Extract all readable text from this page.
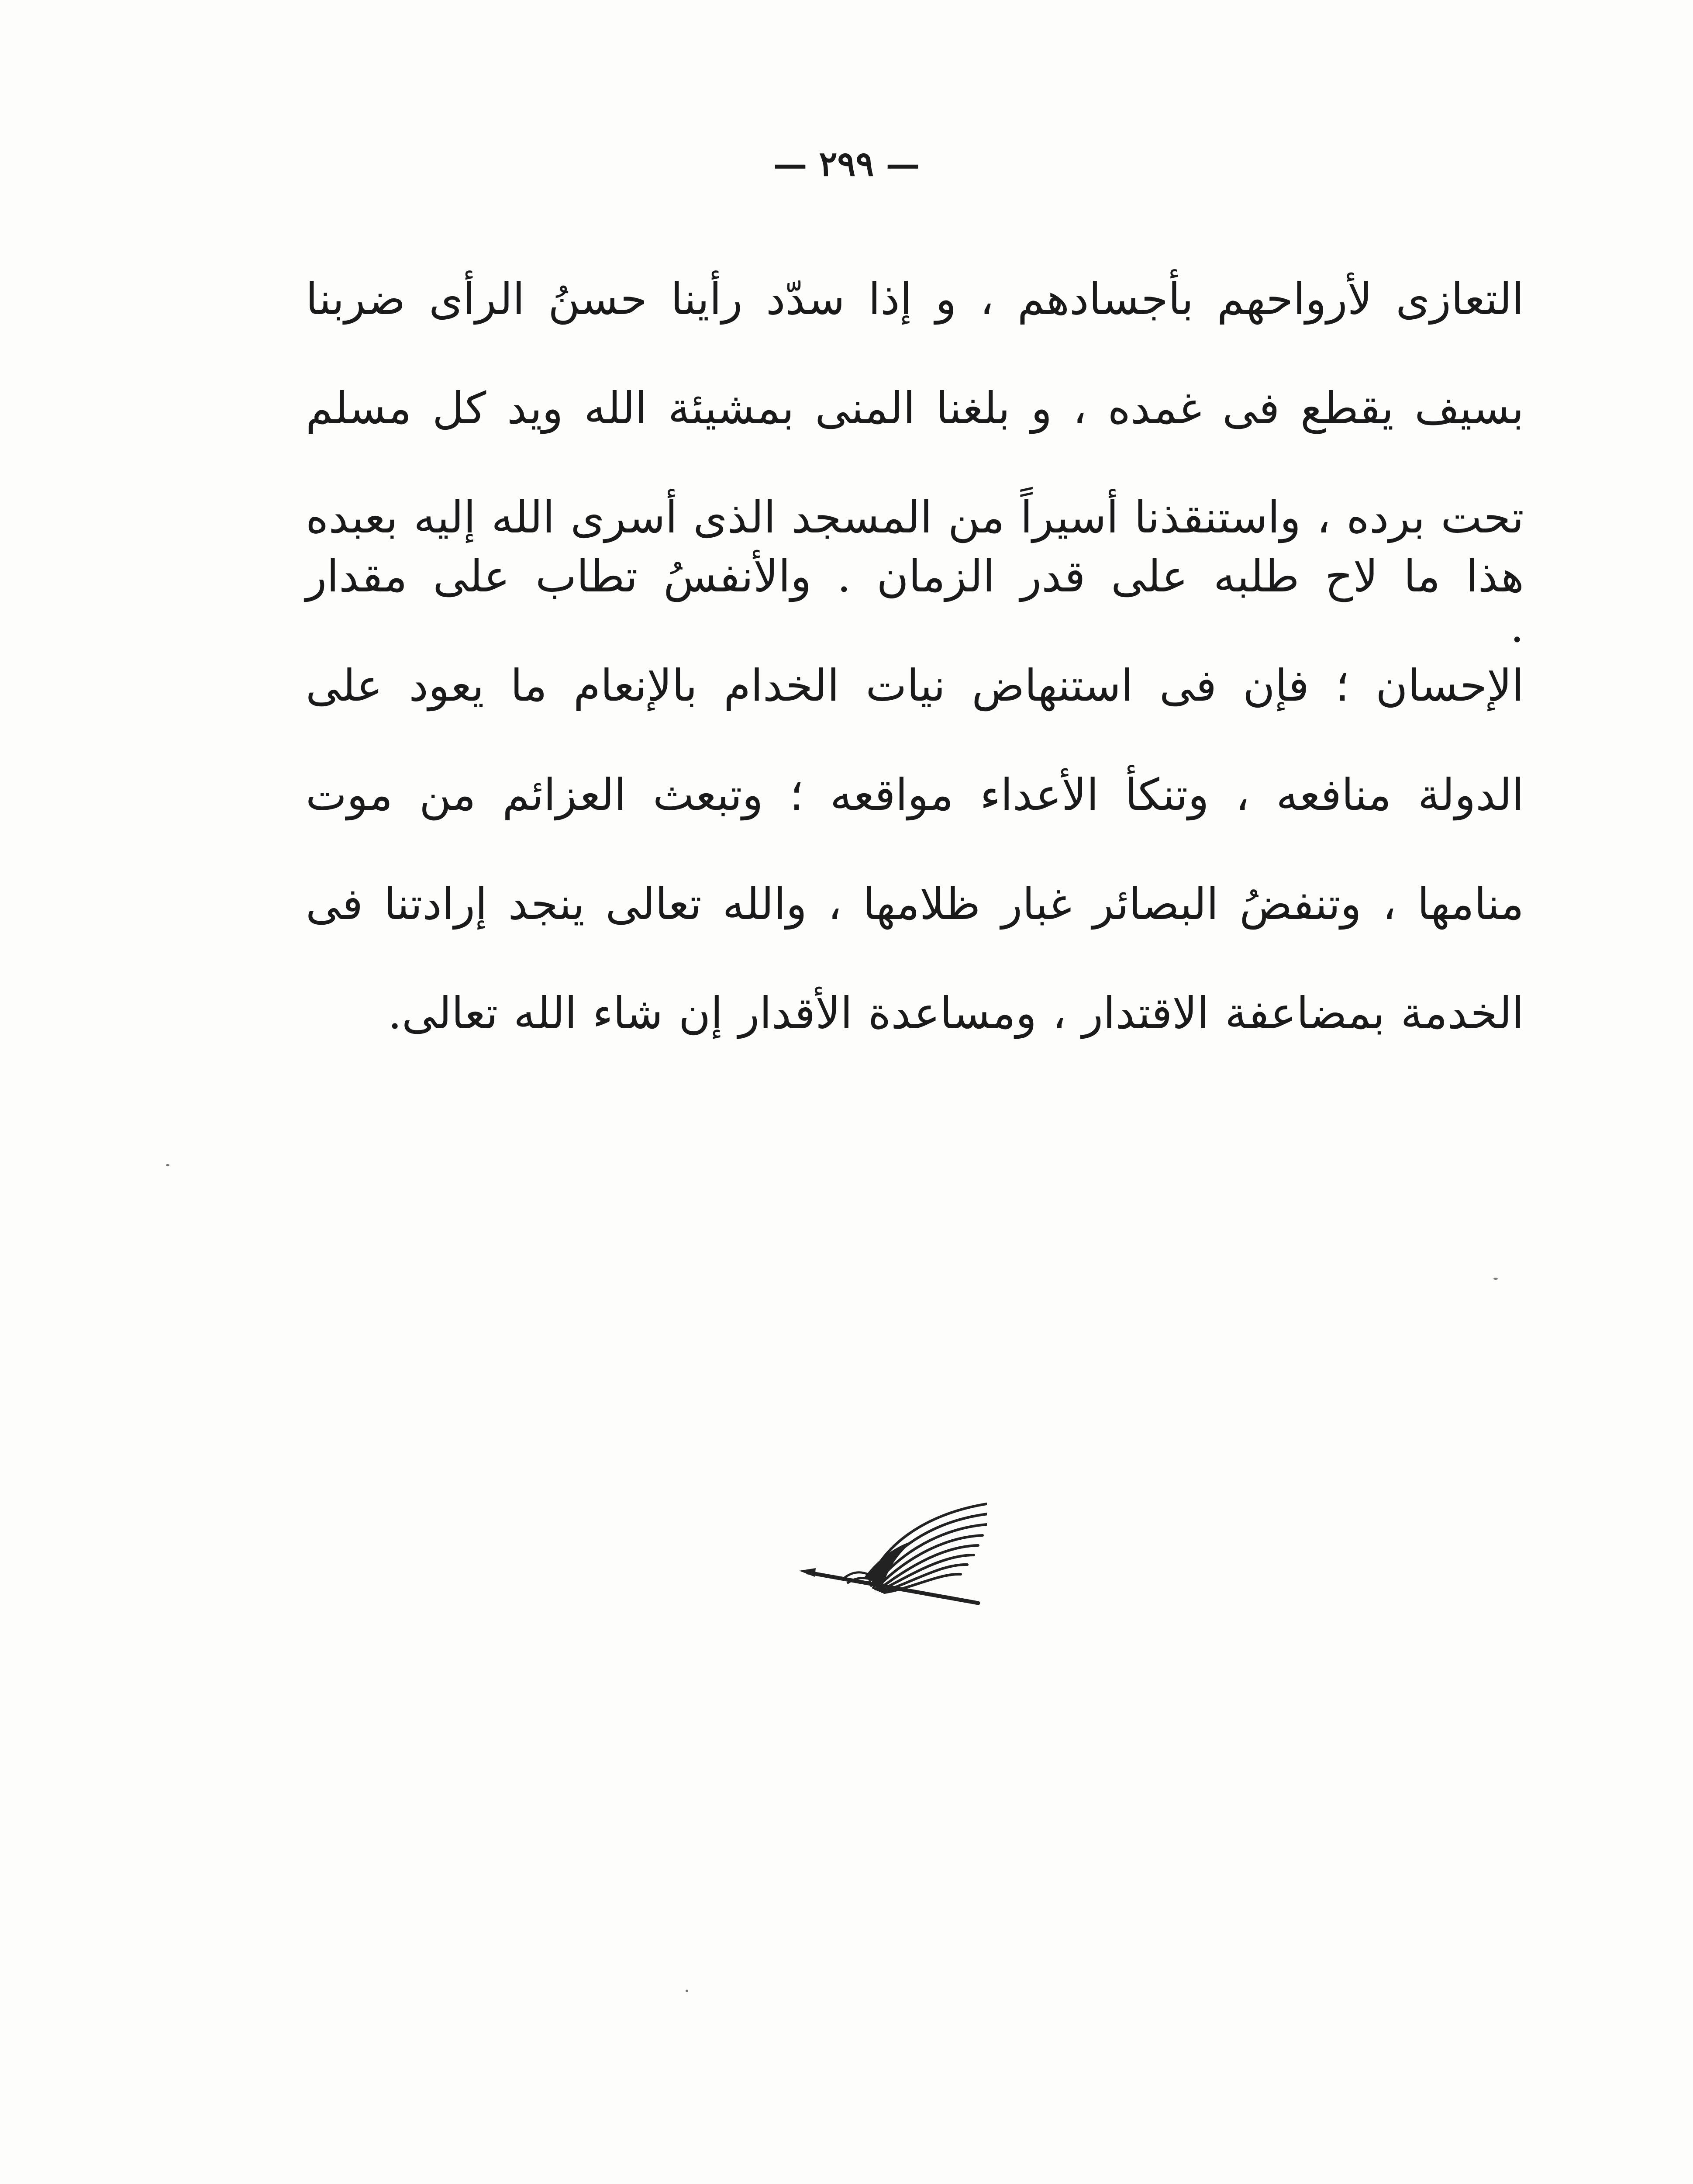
— ٢٩٩ —
التعازى لأرواحهم بأجسادهم ، و إذا سدّد رأينا حسنُ الرأى ضربنا بسيف يقطع فى غمده ، و بلغنا المنى بمشيئة الله ويد كل مسلم تحت برده ، واستنقذنا أسيراً من المسجد الذى أسرى الله إليه بعبده .
هذا ما لاح طلبه على قدر الزمان . والأنفسُ تطاب على مقدار الإحسان ؛ فإن فى استنهاض نيات الخدام بالإنعام ما يعود على الدولة منافعه ، وتنكأ الأعداء مواقعه ؛ وتبعث العزائم من موت منامها ، وتنفضُ البصائر غبار ظلامها ، والله تعالى ينجد إرادتنا فى الخدمة بمضاعفة الاقتدار ، ومساعدة الأقدار إن شاء الله تعالى.
